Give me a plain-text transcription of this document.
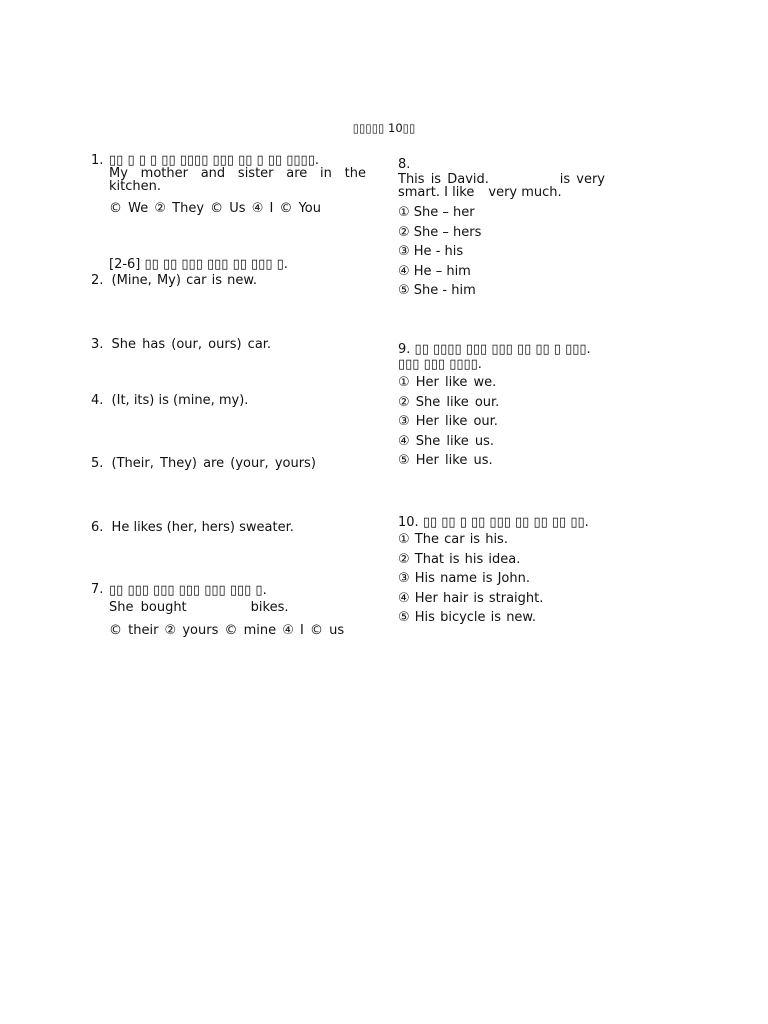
▯▯▯▯▯ 10▯▯
1. ▯▯ ▯ ▯ ▯ ▯▯ ▯▯▯▯ ▯▯▯ ▯▯ ▯ ▯▯ ▯▯▯▯.
My mother and sister are in the
kitchen.
© We ② They © Us ④ I © You
[2-6] ▯▯ ▯▯ ▯▯▯ ▯▯▯ ▯▯ ▯▯▯ ▯.
2. (Mine, My) car is new.
3. She has (our, ours) car.
4. (It, its) is (mine, my).
5. (Their, They) are (your, yours)
6. He likes (her, hers) sweater.
7. ▯▯ ▯▯▯ ▯▯▯ ▯▯▯ ▯▯▯ ▯▯▯ ▯.
She bought	bikes.
© their ② yours © mine ④ I © us
8.
This is David.	is very
smart. I like very much.
① She – her
② She – hers
③ He - his
④ He – him
⑤ She - him
9. ▯▯ ▯▯▯▯ ▯▯▯ ▯▯▯ ▯▯ ▯▯ ▯ ▯▯▯.
▯▯▯ ▯▯▯ ▯▯▯▯.
① Her like we.
② She like our.
③ Her like our.
④ She like us.
⑤ Her like us.
10. ▯▯ ▯▯ ▯ ▯▯ ▯▯▯ ▯▯ ▯▯ ▯▯ ▯▯.
① The car is his.
② That is his idea.
③ His name is John.
④ Her hair is straight.
⑤ His bicycle is new.
